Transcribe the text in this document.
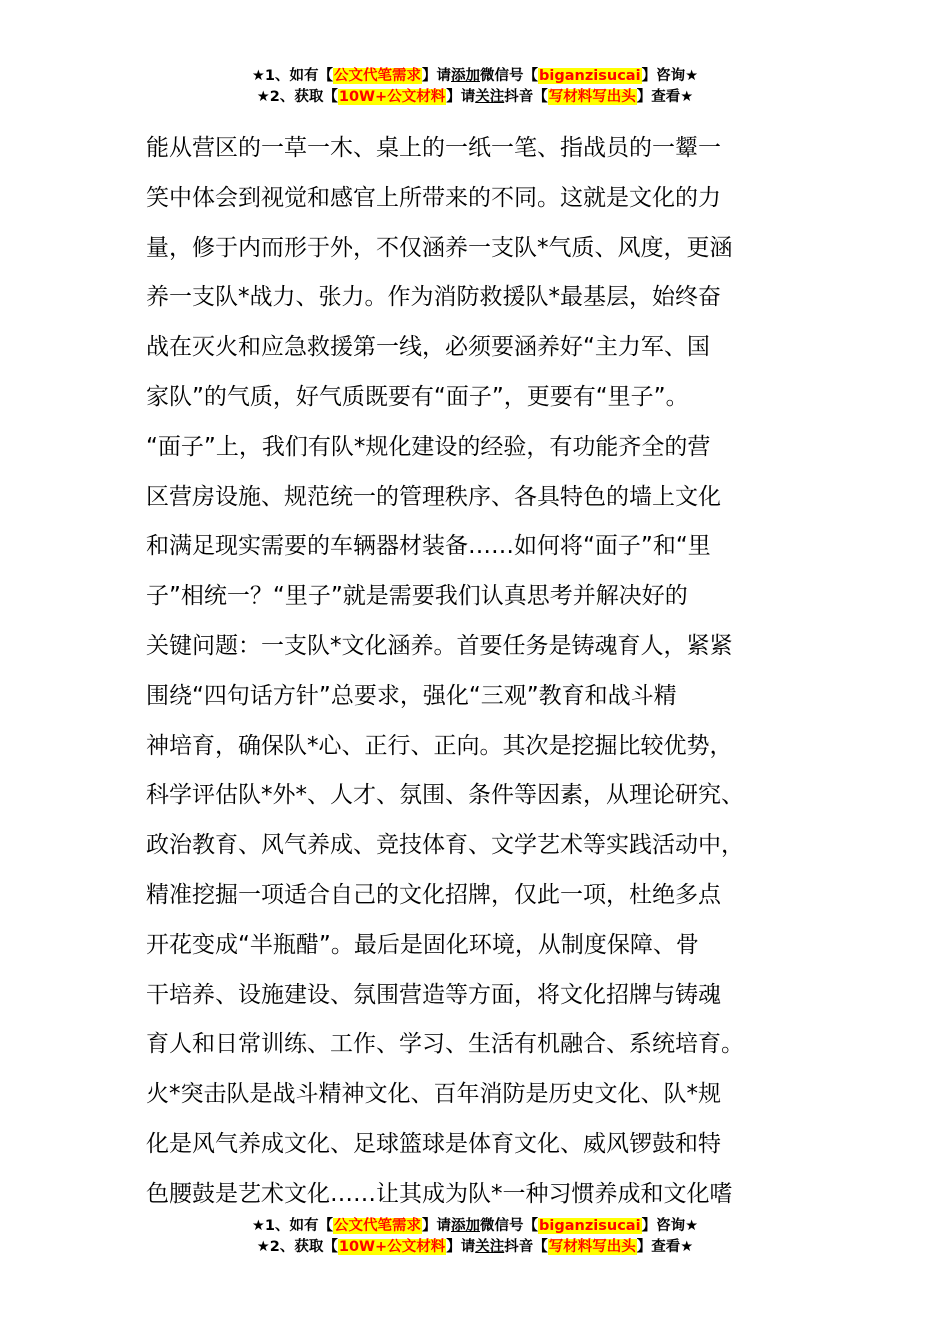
★1、如有【公文代笔需求】请添加微信号【biganzisucai】咨询★
★2、获取【10W+公文材料】请关注抖音【写材料写出头】查看★
能从营区的一草一木、桌上的一纸一笔、指战员的一颦一
笑中体会到视觉和感官上所带来的不同。这就是文化的力
量，修于内而形于外，不仅涵养一支队*气质、风度，更涵
养一支队*战力、张力。作为消防救援队*最基层，始终奋
战在灭火和应急救援第一线，必须要涵养好“主力军、国
家队”的气质，好气质既要有“面子”，更要有“里子”。
“面子”上，我们有队*规化建设的经验，有功能齐全的营
区营房设施、规范统一的管理秩序、各具特色的墙上文化
和满足现实需要的车辆器材装备……如何将“面子”和“里
子”相统一？“里子”就是需要我们认真思考并解决好的
关键问题：一支队*文化涵养。首要任务是铸魂育人，紧紧
围绕“四句话方针”总要求，强化“三观”教育和战斗精
神培育，确保队*心、正行、正向。其次是挖掘比较优势，
科学评估队*外*、人才、氛围、条件等因素，从理论研究、
政治教育、风气养成、竞技体育、文学艺术等实践活动中，
精准挖掘一项适合自己的文化招牌，仅此一项，杜绝多点
开花变成“半瓶醋”。最后是固化环境，从制度保障、骨
干培养、设施建设、氛围营造等方面，将文化招牌与铸魂
育人和日常训练、工作、学习、生活有机融合、系统培育。
火*突击队是战斗精神文化、百年消防是历史文化、队*规
化是风气养成文化、足球篮球是体育文化、威风锣鼓和特
色腰鼓是艺术文化……让其成为队*一种习惯养成和文化嗜
★1、如有【公文代笔需求】请添加微信号【biganzisucai】咨询★
★2、获取【10W+公文材料】请关注抖音【写材料写出头】查看★
